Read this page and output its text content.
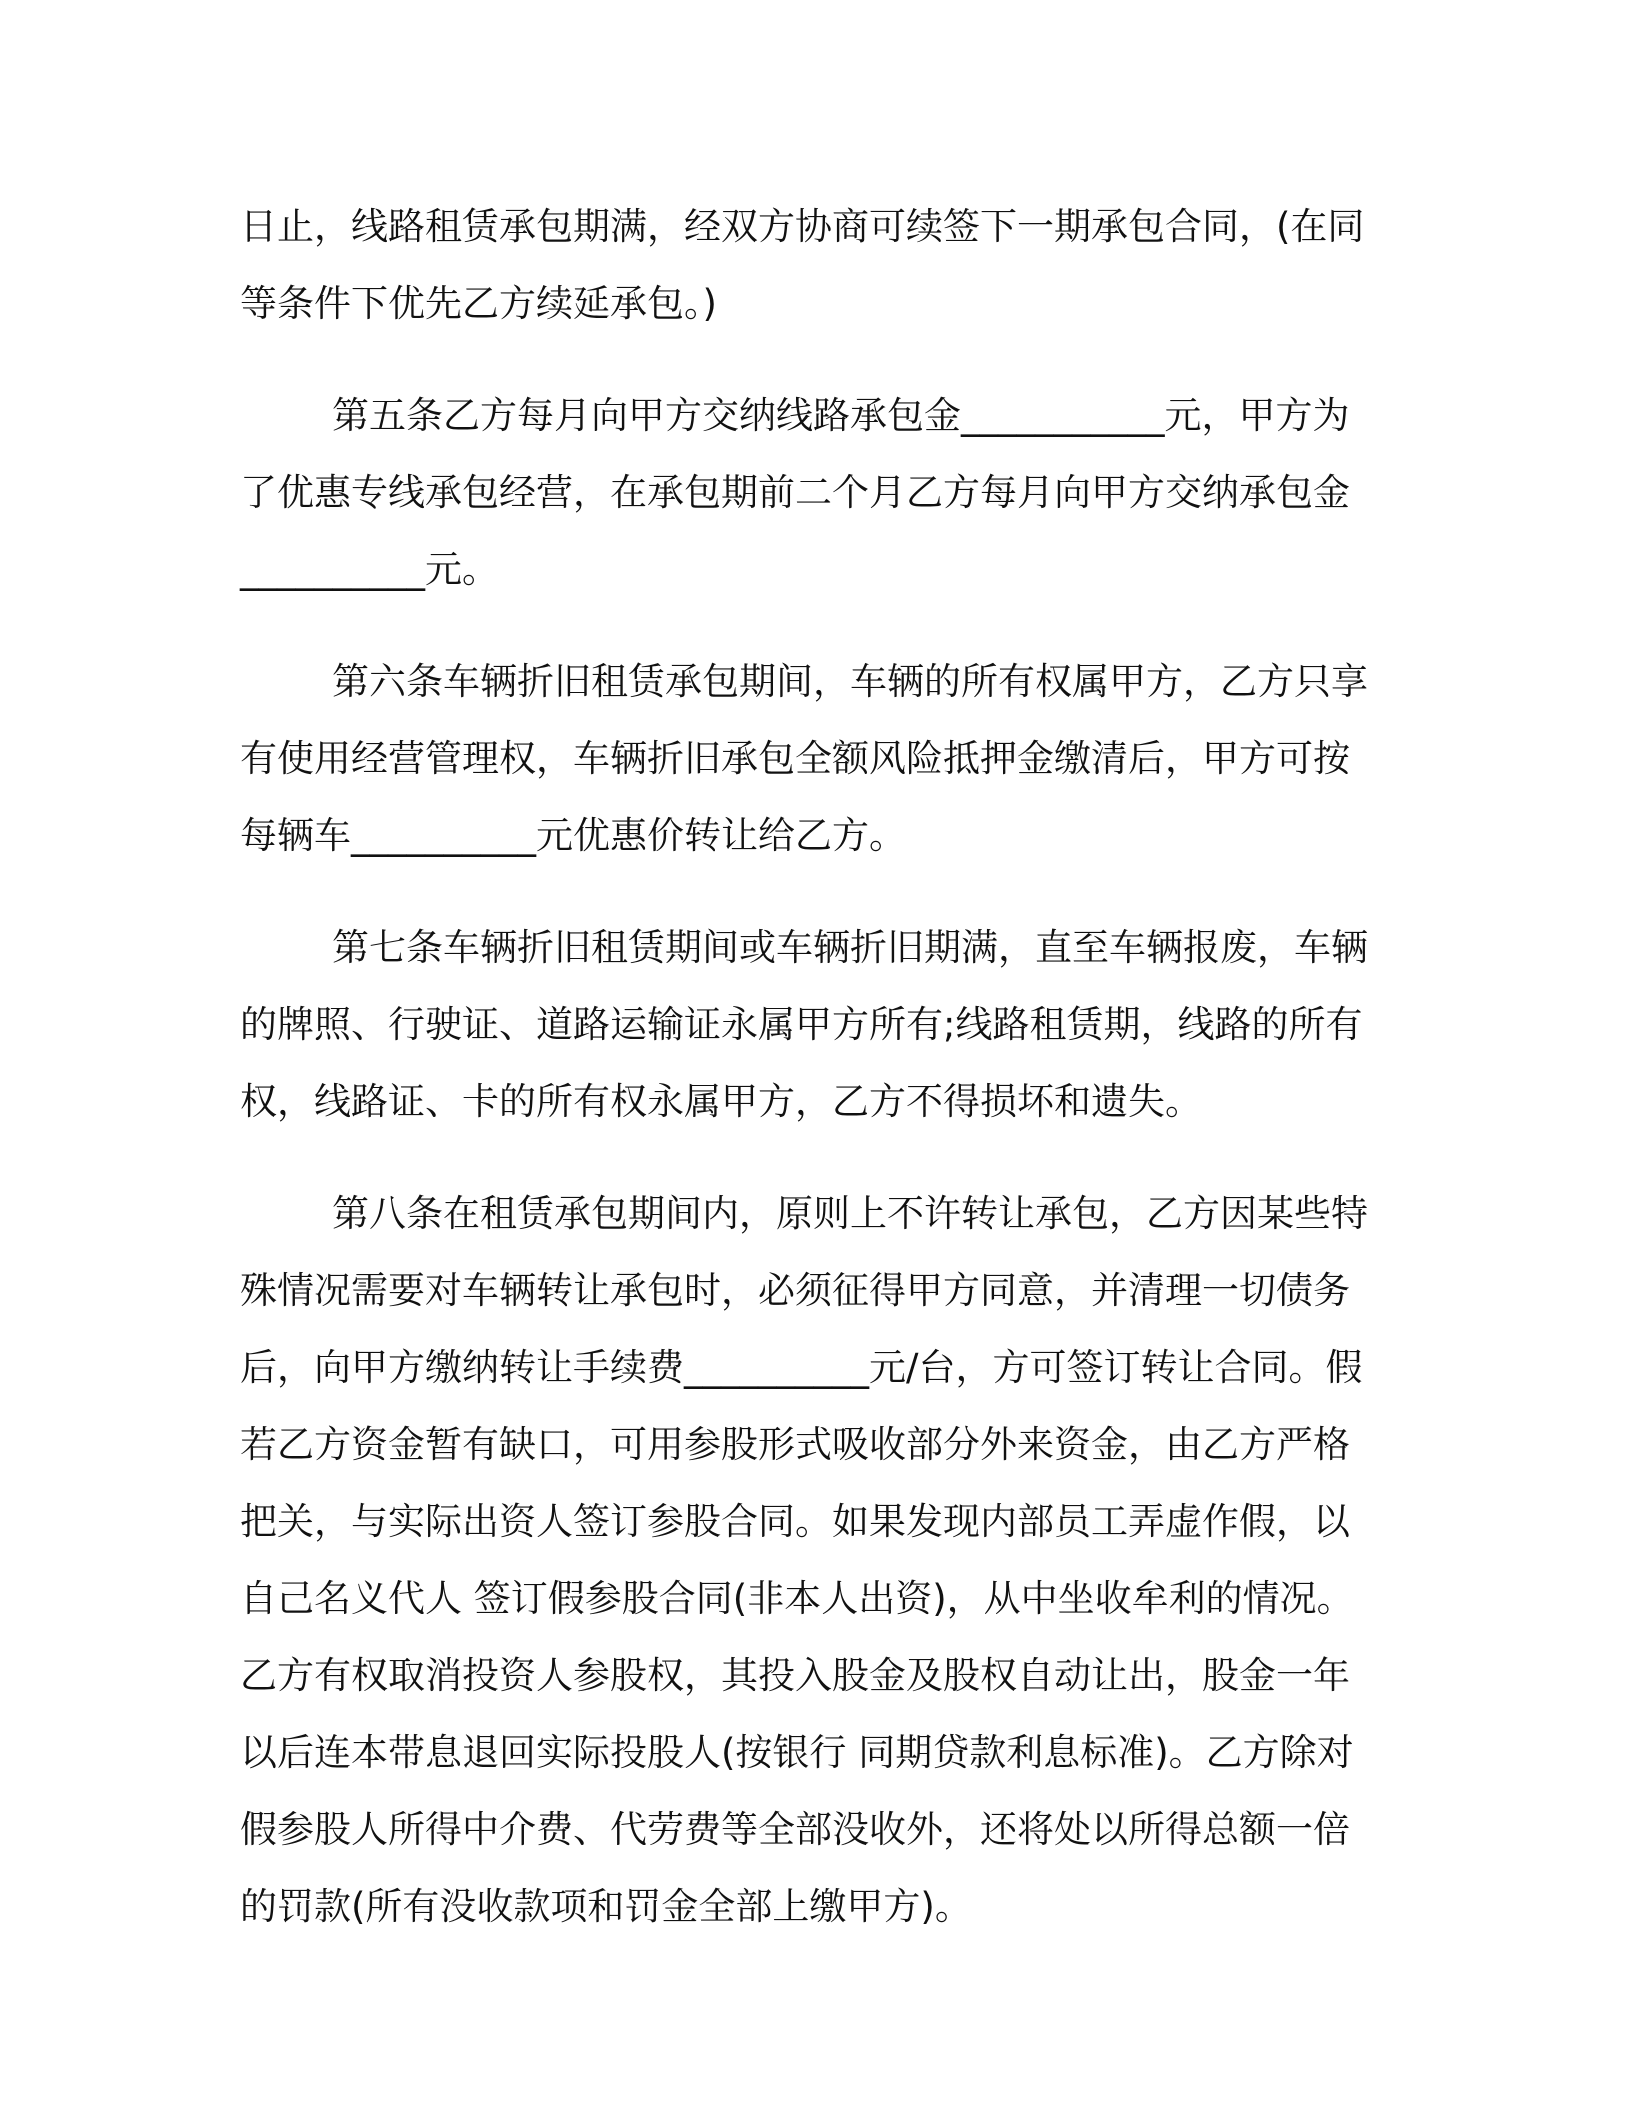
日止，线路租赁承包期满，经双方协商可续签下一期承包合同，(在同
等条件下优先乙方续延承包。)
第五条乙方每月向甲方交纳线路承包金___________元，甲方为
了优惠专线承包经营，在承包期前二个月乙方每月向甲方交纳承包金
__________元。
第六条车辆折旧租赁承包期间，车辆的所有权属甲方，乙方只享
有使用经营管理权，车辆折旧承包全额风险抵押金缴清后，甲方可按
每辆车__________元优惠价转让给乙方。
第七条车辆折旧租赁期间或车辆折旧期满，直至车辆报废，车辆
的牌照、行驶证、道路运输证永属甲方所有;线路租赁期，线路的所有
权，线路证、卡的所有权永属甲方，乙方不得损坏和遗失。
第八条在租赁承包期间内，原则上不许转让承包，乙方因某些特
殊情况需要对车辆转让承包时，必须征得甲方同意，并清理一切债务
后，向甲方缴纳转让手续费__________元/台，方可签订转让合同。假
若乙方资金暂有缺口，可用参股形式吸收部分外来资金，由乙方严格
把关，与实际出资人签订参股合同。如果发现内部员工弄虚作假，以
自己名义代人 签订假参股合同(非本人出资)，从中坐收牟利的情况。
乙方有权取消投资人参股权，其投入股金及股权自动让出，股金一年
以后连本带息退回实际投股人(按银行 同期贷款利息标准)。乙方除对
假参股人所得中介费、代劳费等全部没收外，还将处以所得总额一倍
的罚款(所有没收款项和罚金全部上缴甲方)。
